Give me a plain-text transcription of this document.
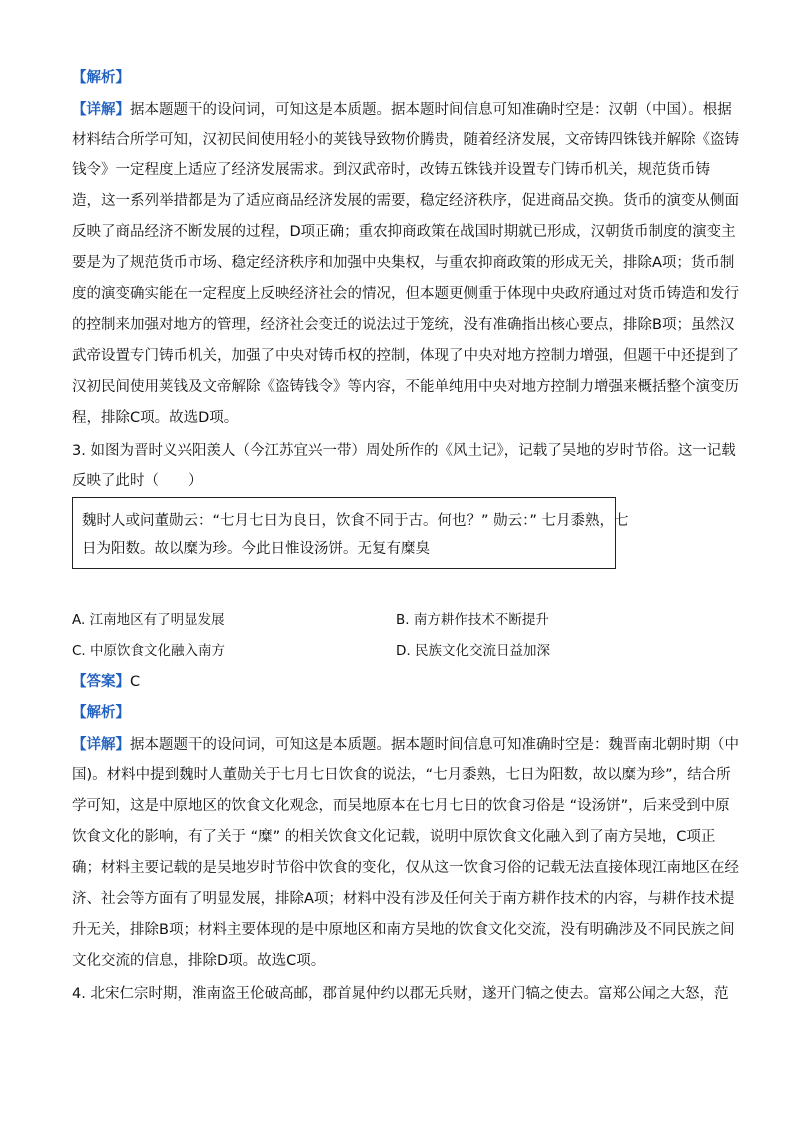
【解析】
【详解】据本题题干的设问词，可知这是本质题。据本题时间信息可知准确时空是：汉朝（中国）。根据
材料结合所学可知，汉初民间使用轻小的荚钱导致物价腾贵，随着经济发展，文帝铸四铢钱并解除《盗铸
钱令》一定程度上适应了经济发展需求。到汉武帝时，改铸五铢钱并设置专门铸币机关，规范货币铸
造，这一系列举措都是为了适应商品经济发展的需要，稳定经济秩序，促进商品交换。货币的演变从侧面
反映了商品经济不断发展的过程，D项正确；重农抑商政策在战国时期就已形成，汉朝货币制度的演变主
要是为了规范货币市场、稳定经济秩序和加强中央集权，与重农抑商政策的形成无关，排除A项；货币制
度的演变确实能在一定程度上反映经济社会的情况，但本题更侧重于体现中央政府通过对货币铸造和发行
的控制来加强对地方的管理，经济社会变迁的说法过于笼统，没有准确指出核心要点，排除B项；虽然汉
武帝设置专门铸币机关，加强了中央对铸币权的控制，体现了中央对地方控制力增强，但题干中还提到了
汉初民间使用荚钱及文帝解除《盗铸钱令》等内容，不能单纯用中央对地方控制力增强来概括整个演变历
程，排除C项。故选D项。
3. 如图为晋时义兴阳羡人（今江苏宜兴一带）周处所作的《风土记》，记载了吴地的岁时节俗。这一记载
反映了此时（　　）
魏时人或问董勋云：“七月七日为良日，饮食不同于古。何也？” 勋云：” 七月黍熟，七
日为阳数。故以糜为珍。今此日惟设汤饼。无复有糜臭
A. 江南地区有了明显发展	B. 南方耕作技术不断提升
C. 中原饮食文化融入南方	D. 民族文化交流日益加深
【答案】C
【解析】
【详解】据本题题干的设问词，可知这是本质题。据本题时间信息可知准确时空是：魏晋南北朝时期（中
国)。材料中提到魏时人董勋关于七月七日饮食的说法，“七月黍熟，七日为阳数，故以糜为珍”，结合所
学可知，这是中原地区的饮食文化观念，而吴地原本在七月七日的饮食习俗是 “设汤饼”，后来受到中原
饮食文化的影响，有了关于 “糜” 的相关饮食文化记载，说明中原饮食文化融入到了南方吴地，C项正
确；材料主要记载的是吴地岁时节俗中饮食的变化，仅从这一饮食习俗的记载无法直接体现江南地区在经
济、社会等方面有了明显发展，排除A项；材料中没有涉及任何关于南方耕作技术的内容，与耕作技术提
升无关，排除B项；材料主要体现的是中原地区和南方吴地的饮食文化交流，没有明确涉及不同民族之间
文化交流的信息，排除D项。故选C项。
4. 北宋仁宗时期，淮南盗王伦破高邮，郡首晁仲约以郡无兵财，遂开门犒之使去。富郑公闻之大怒，范
